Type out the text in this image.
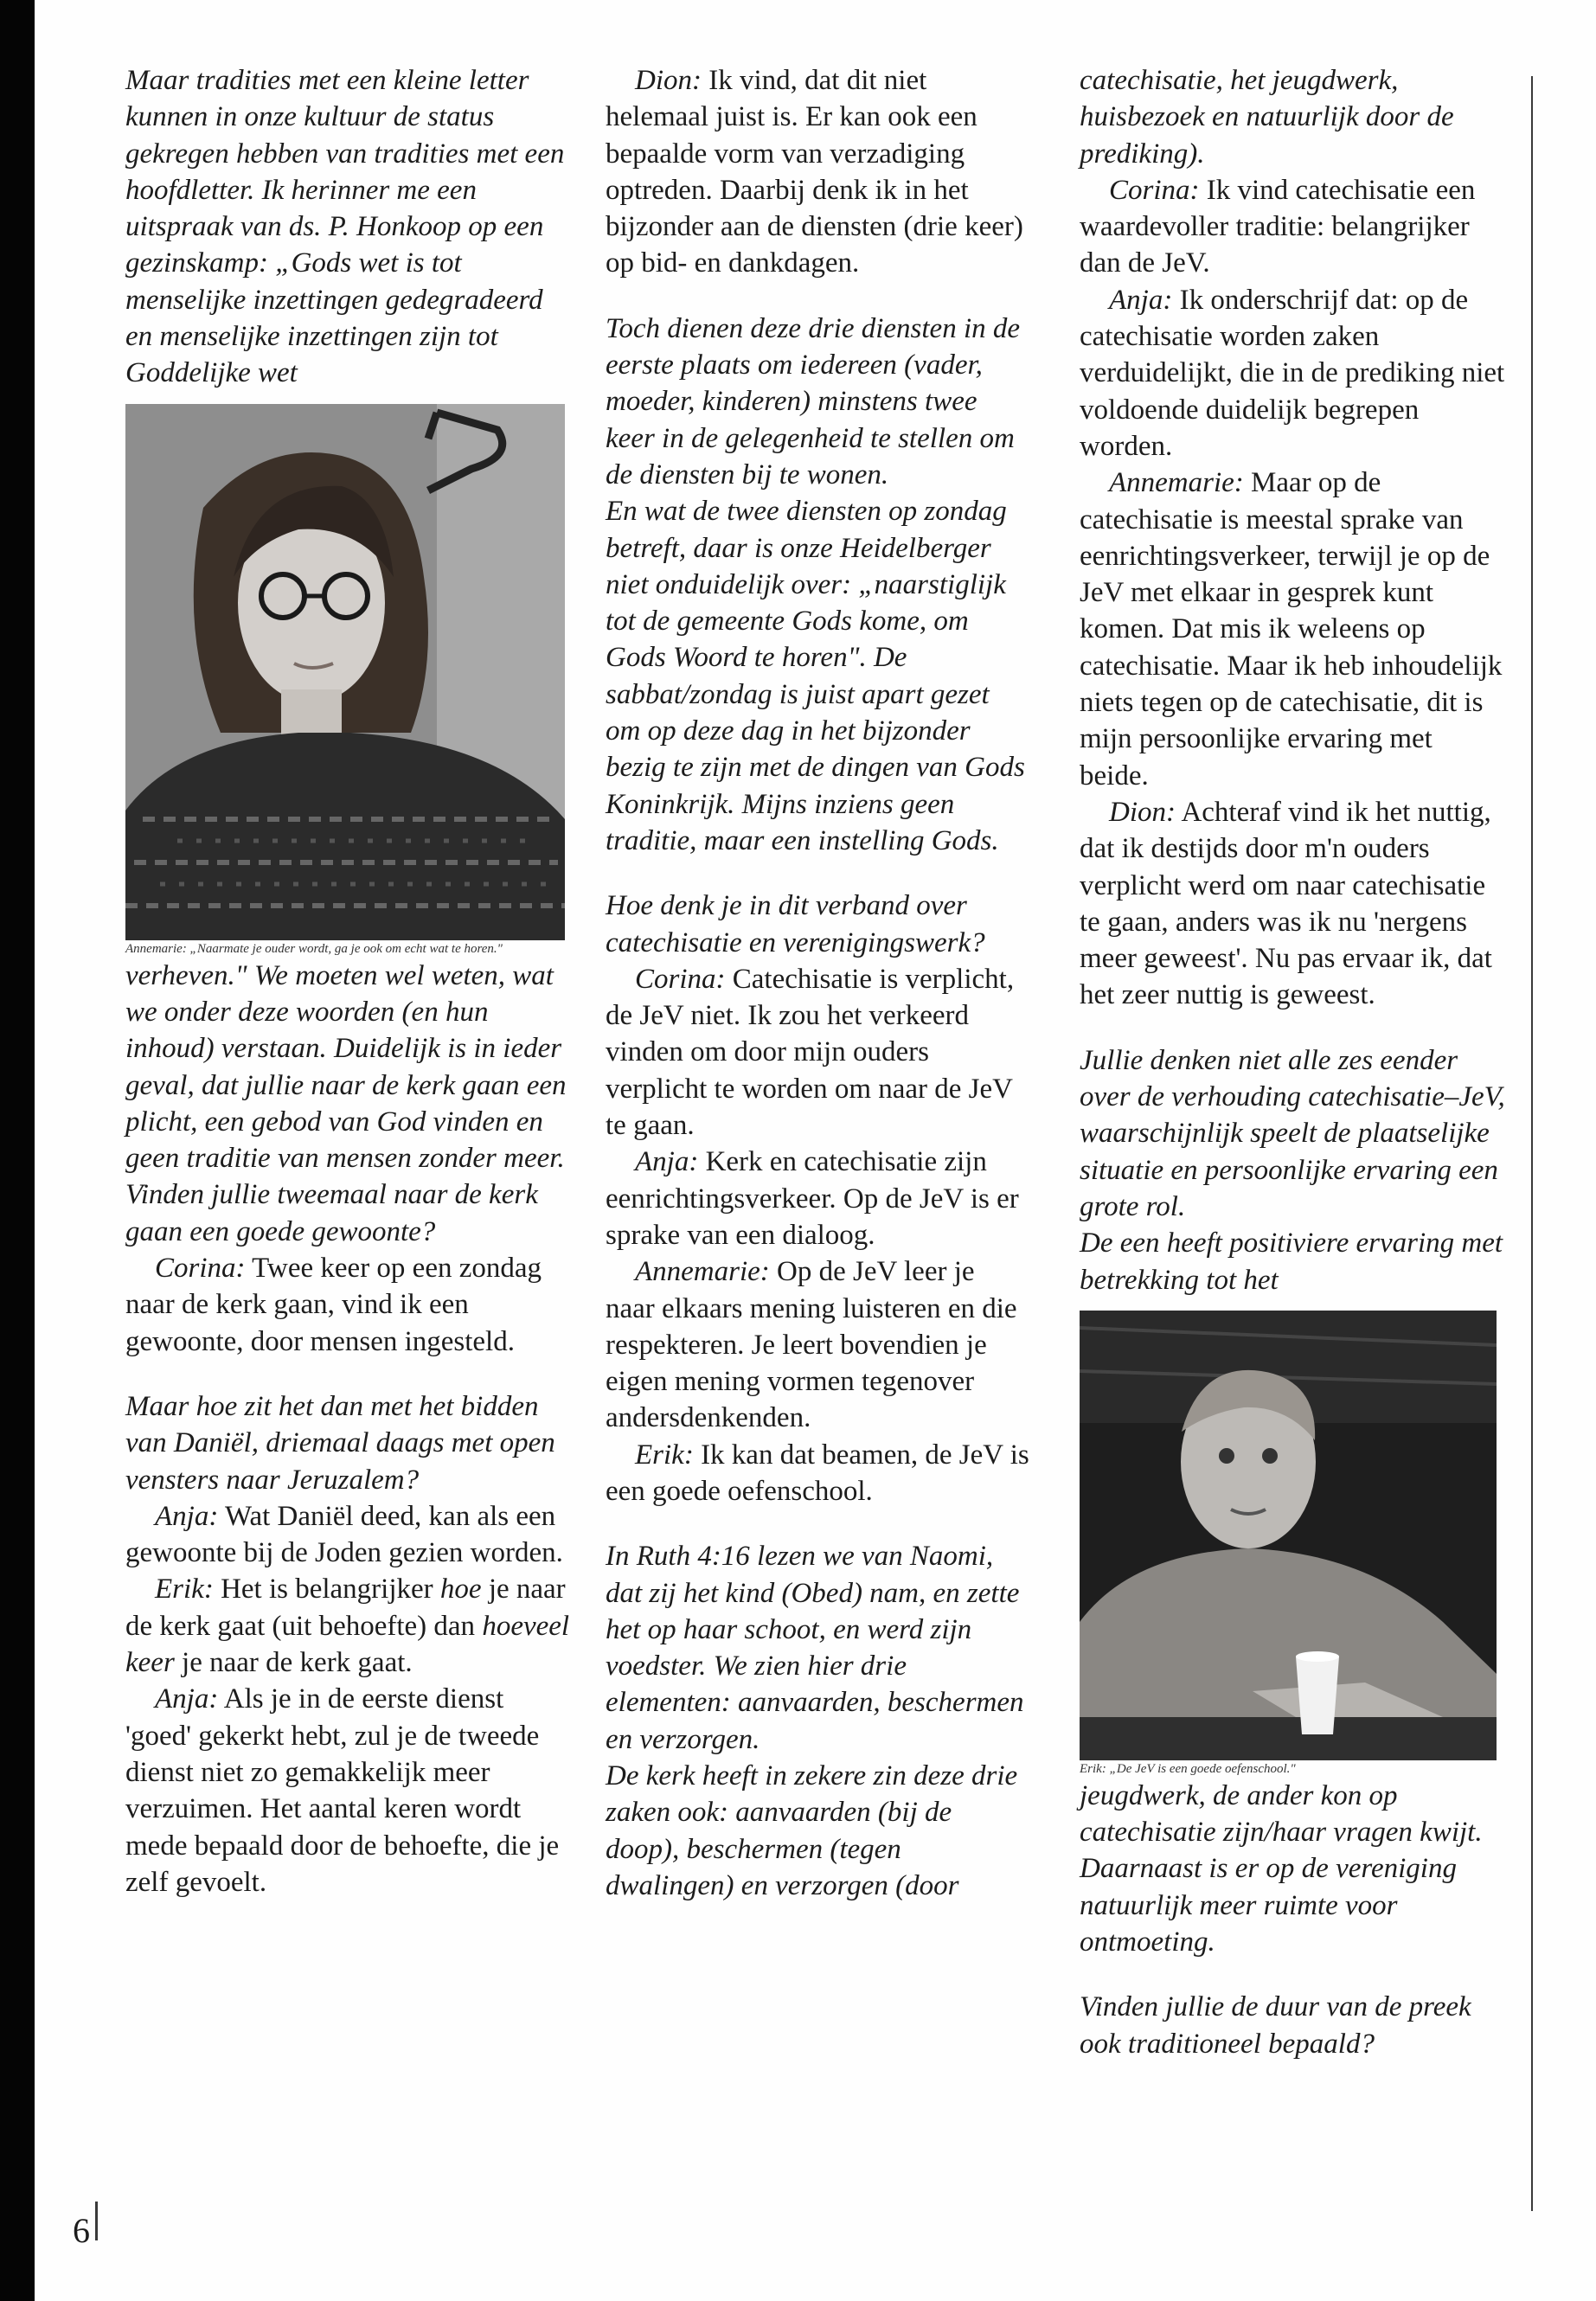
6

Maar tradities met een kleine letter kunnen in onze kultuur de status gekregen hebben van tradities met een hoofdletter. Ik herinner me een uitspraak van ds. P. Honkoop op een gezinskamp: „Gods wet is tot menselijke inzettingen gedegradeerd en menselijke inzettingen zijn tot Goddelijke wet

Annemarie: „Naarmate je ouder wordt, ga je ook om echt wat te horen."

verheven." We moeten wel weten, wat we onder deze woorden (en hun inhoud) verstaan. Duidelijk is in ieder geval, dat jullie naar de kerk gaan een plicht, een gebod van God vinden en geen traditie van mensen zonder meer.

Vinden jullie tweemaal naar de kerk gaan een goede gewoonte?

Corina: Twee keer op een zondag naar de kerk gaan, vind ik een gewoonte, door mensen ingesteld.

Maar hoe zit het dan met het bidden van Daniël, driemaal daags met open vensters naar Jeruzalem?

Anja: Wat Daniël deed, kan als een gewoonte bij de Joden gezien worden.

Erik: Het is belangrijker hoe je naar de kerk gaat (uit behoefte) dan hoeveel keer je naar de kerk gaat.

Anja: Als je in de eerste dienst 'goed' gekerkt hebt, zul je de tweede dienst niet zo gemakkelijk meer verzuimen. Het aantal keren wordt mede bepaald door de behoefte, die je zelf gevoelt.

Dion: Ik vind, dat dit niet helemaal juist is. Er kan ook een bepaalde vorm van verzadiging optreden. Daarbij denk ik in het bijzonder aan de diensten (drie keer) op bid- en dankdagen.

Toch dienen deze drie diensten in de eerste plaats om iedereen (vader, moeder, kinderen) minstens twee keer in de gelegenheid te stellen om de diensten bij te wonen.

En wat de twee diensten op zondag betreft, daar is onze Heidelberger niet onduidelijk over: „naarstiglijk tot de gemeente Gods kome, om Gods Woord te horen". De sabbat/zondag is juist apart gezet om op deze dag in het bijzonder bezig te zijn met de dingen van Gods Koninkrijk. Mijns inziens geen traditie, maar een instelling Gods.

Hoe denk je in dit verband over catechisatie en verenigingswerk?

Corina: Catechisatie is verplicht, de JeV niet. Ik zou het verkeerd vinden om door mijn ouders verplicht te worden om naar de JeV te gaan.

Anja: Kerk en catechisatie zijn eenrichtingsverkeer. Op de JeV is er sprake van een dialoog.

Annemarie: Op de JeV leer je naar elkaars mening luisteren en die respekteren. Je leert bovendien je eigen mening vormen tegenover andersdenkenden.

Erik: Ik kan dat beamen, de JeV is een goede oefenschool.

In Ruth 4:16 lezen we van Naomi, dat zij het kind (Obed) nam, en zette het op haar schoot, en werd zijn voedster. We zien hier drie elementen: aanvaarden, beschermen en verzorgen.

De kerk heeft in zekere zin deze drie zaken ook: aanvaarden (bij de doop), beschermen (tegen dwalingen) en verzorgen (door

catechisatie, het jeugdwerk, huisbezoek en natuurlijk door de prediking).

Corina: Ik vind catechisatie een waardevoller traditie: belangrijker dan de JeV.

Anja: Ik onderschrijf dat: op de catechisatie worden zaken verduidelijkt, die in de prediking niet voldoende duidelijk begrepen worden.

Annemarie: Maar op de catechisatie is meestal sprake van eenrichtingsverkeer, terwijl je op de JeV met elkaar in gesprek kunt komen. Dat mis ik weleens op catechisatie. Maar ik heb inhoudelijk niets tegen op de catechisatie, dit is mijn persoonlijke ervaring met beide.

Dion: Achteraf vind ik het nuttig, dat ik destijds door m'n ouders verplicht werd om naar catechisatie te gaan, anders was ik nu 'nergens meer geweest'. Nu pas ervaar ik, dat het zeer nuttig is geweest.

Jullie denken niet alle zes eender over de verhouding catechisatie–JeV, waarschijnlijk speelt de plaatselijke situatie en persoonlijke ervaring een grote rol.

De een heeft positiviere ervaring met betrekking tot het

Erik: „De JeV is een goede oefenschool."

jeugdwerk, de ander kon op catechisatie zijn/haar vragen kwijt. Daarnaast is er op de vereniging natuurlijk meer ruimte voor ontmoeting.

Vinden jullie de duur van de preek ook traditioneel bepaald?
